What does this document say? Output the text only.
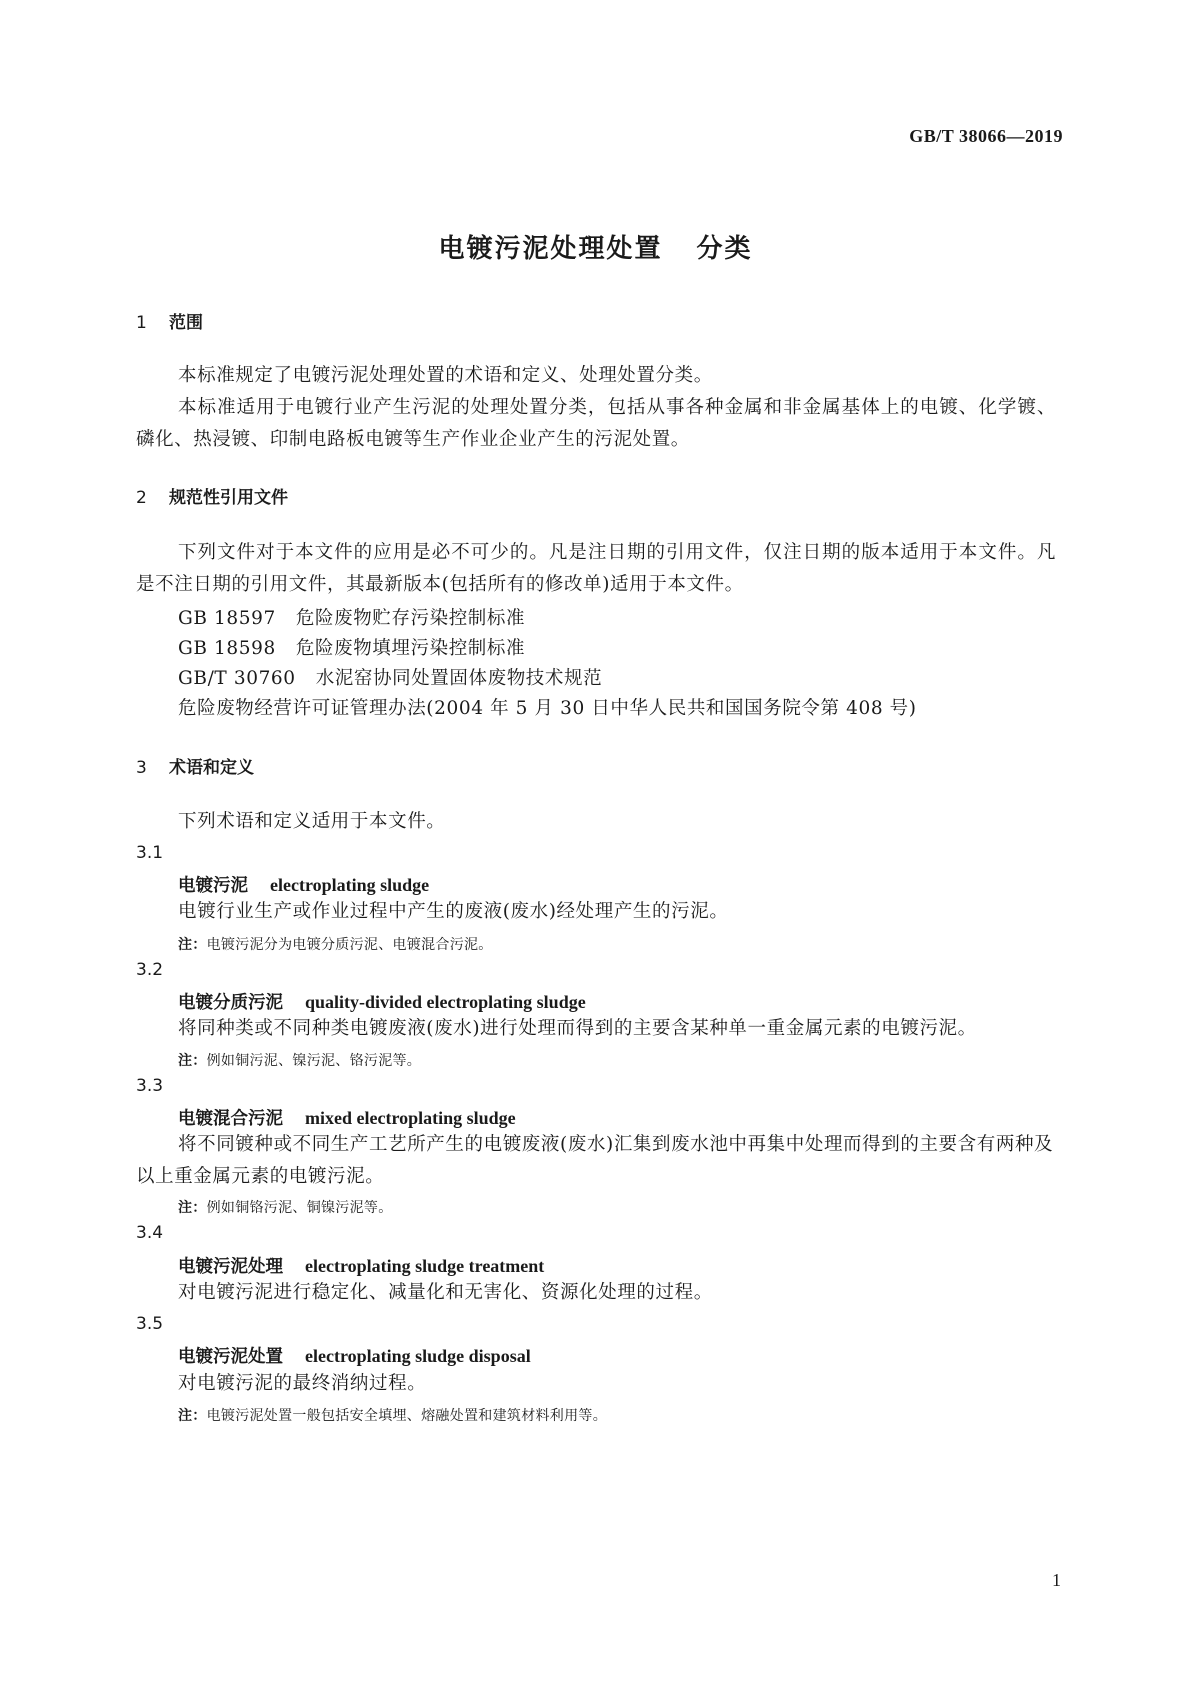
GB/T 38066—2019
电镀污泥处理处置 分类
1 范围

本标准规定了电镀污泥处理处置的术语和定义、处理处置分类。

本标准适用于电镀行业产生污泥的处理处置分类，包括从事各种金属和非金属基体上的电镀、化学镀、磷化、热浸镀、印制电路板电镀等生产作业企业产生的污泥处置。

2 规范性引用文件

下列文件对于本文件的应用是必不可少的。凡是注日期的引用文件，仅注日期的版本适用于本文件。凡是不注日期的引用文件，其最新版本(包括所有的修改单)适用于本文件。

GB 18597 危险废物贮存污染控制标准
GB 18598 危险废物填埋污染控制标准
GB/T 30760 水泥窑协同处置固体废物技术规范
危险废物经营许可证管理办法(2004 年 5 月 30 日中华人民共和国国务院令第 408 号)
3 术语和定义

下列术语和定义适用于本文件。

3.1
电镀污泥 electroplating sludge

电镀行业生产或作业过程中产生的废液(废水)经处理产生的污泥。

注：电镀污泥分为电镀分质污泥、电镀混合污泥。
3.2
电镀分质污泥 quality-divided electroplating sludge

将同种类或不同种类电镀废液(废水)进行处理而得到的主要含某种单一重金属元素的电镀污泥。

注：例如铜污泥、镍污泥、铬污泥等。
3.3
电镀混合污泥 mixed electroplating sludge

将不同镀种或不同生产工艺所产生的电镀废液(废水)汇集到废水池中再集中处理而得到的主要含有两种及以上重金属元素的电镀污泥。

注：例如铜铬污泥、铜镍污泥等。
3.4
电镀污泥处理 electroplating sludge treatment

对电镀污泥进行稳定化、减量化和无害化、资源化处理的过程。

3.5
电镀污泥处置 electroplating sludge disposal

对电镀污泥的最终消纳过程。

注：电镀污泥处置一般包括安全填埋、熔融处置和建筑材料利用等。
1
